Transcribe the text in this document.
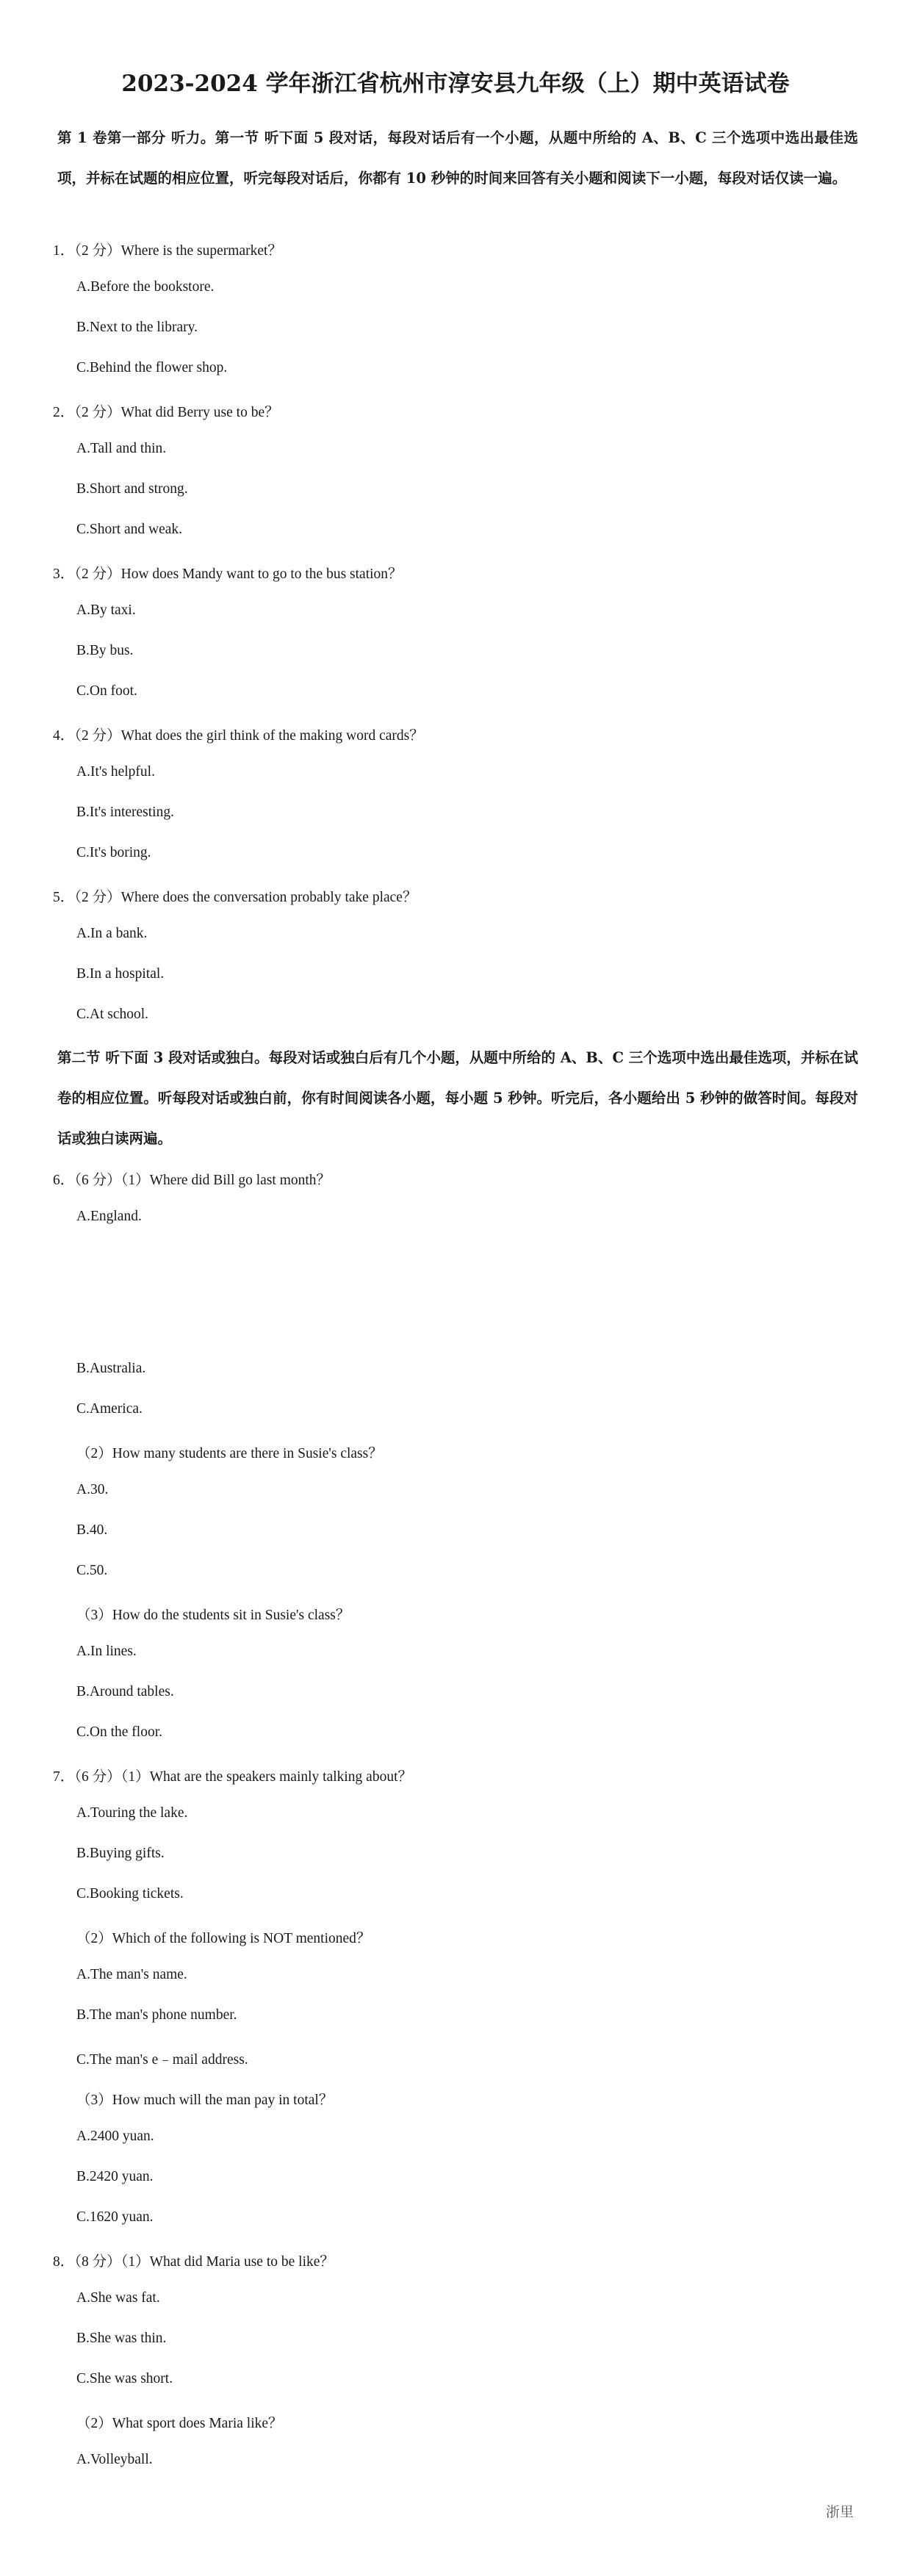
2023-2024 学年浙江省杭州市淳安县九年级（上）期中英语试卷
第 1 卷第一部分 听力。第一节 听下面 5 段对话，每段对话后有一个小题，从题中所给的 A、B、C 三个选项中选出最佳选项，并标在试题的相应位置，听完每段对话后，你都有 10 秒钟的时间来回答有关小题和阅读下一小题，每段对话仅读一遍。
1．（2 分）Where is the supermarket？
A.Before the bookstore.
B.Next to the library.
C.Behind the flower shop.
2．（2 分）What did Berry use to be？
A.Tall and thin.
B.Short and strong.
C.Short and weak.
3．（2 分）How does Mandy want to go to the bus station？
A.By taxi.
B.By bus.
C.On foot.
4．（2 分）What does the girl think of the making word cards？
A.It's helpful.
B.It's interesting.
C.It's boring.
5．（2 分）Where does the conversation probably take place？
A.In a bank.
B.In a hospital.
C.At school.
第二节 听下面 3 段对话或独白。每段对话或独白后有几个小题，从题中所给的 A、B、C 三个选项中选出最佳选项，并标在试卷的相应位置。听每段对话或独白前，你有时间阅读各小题，每小题 5 秒钟。听完后，各小题给出 5 秒钟的做答时间。每段对话或独白读两遍。
6．（6 分）（1）Where did Bill go last month？
A.England.
B.Australia.
C.America.
（2）How many students are there in Susie's class？
A.30.
B.40.
C.50.
（3）How do the students sit in Susie's class？
A.In lines.
B.Around tables.
C.On the floor.
7．（6 分）（1）What are the speakers mainly talking about？
A.Touring the lake.
B.Buying gifts.
C.Booking tickets.
（2）Which of the following is NOT mentioned？
A.The man's name.
B.The man's phone number.
C.The man's e﹣mail address.
（3）How much will the man pay in total？
A.2400 yuan.
B.2420 yuan.
C.1620 yuan.
8．（8 分）（1）What did Maria use to be like？
A.She was fat.
B.She was thin.
C.She was short.
（2）What sport does Maria like？
A.Volleyball.
浙里
